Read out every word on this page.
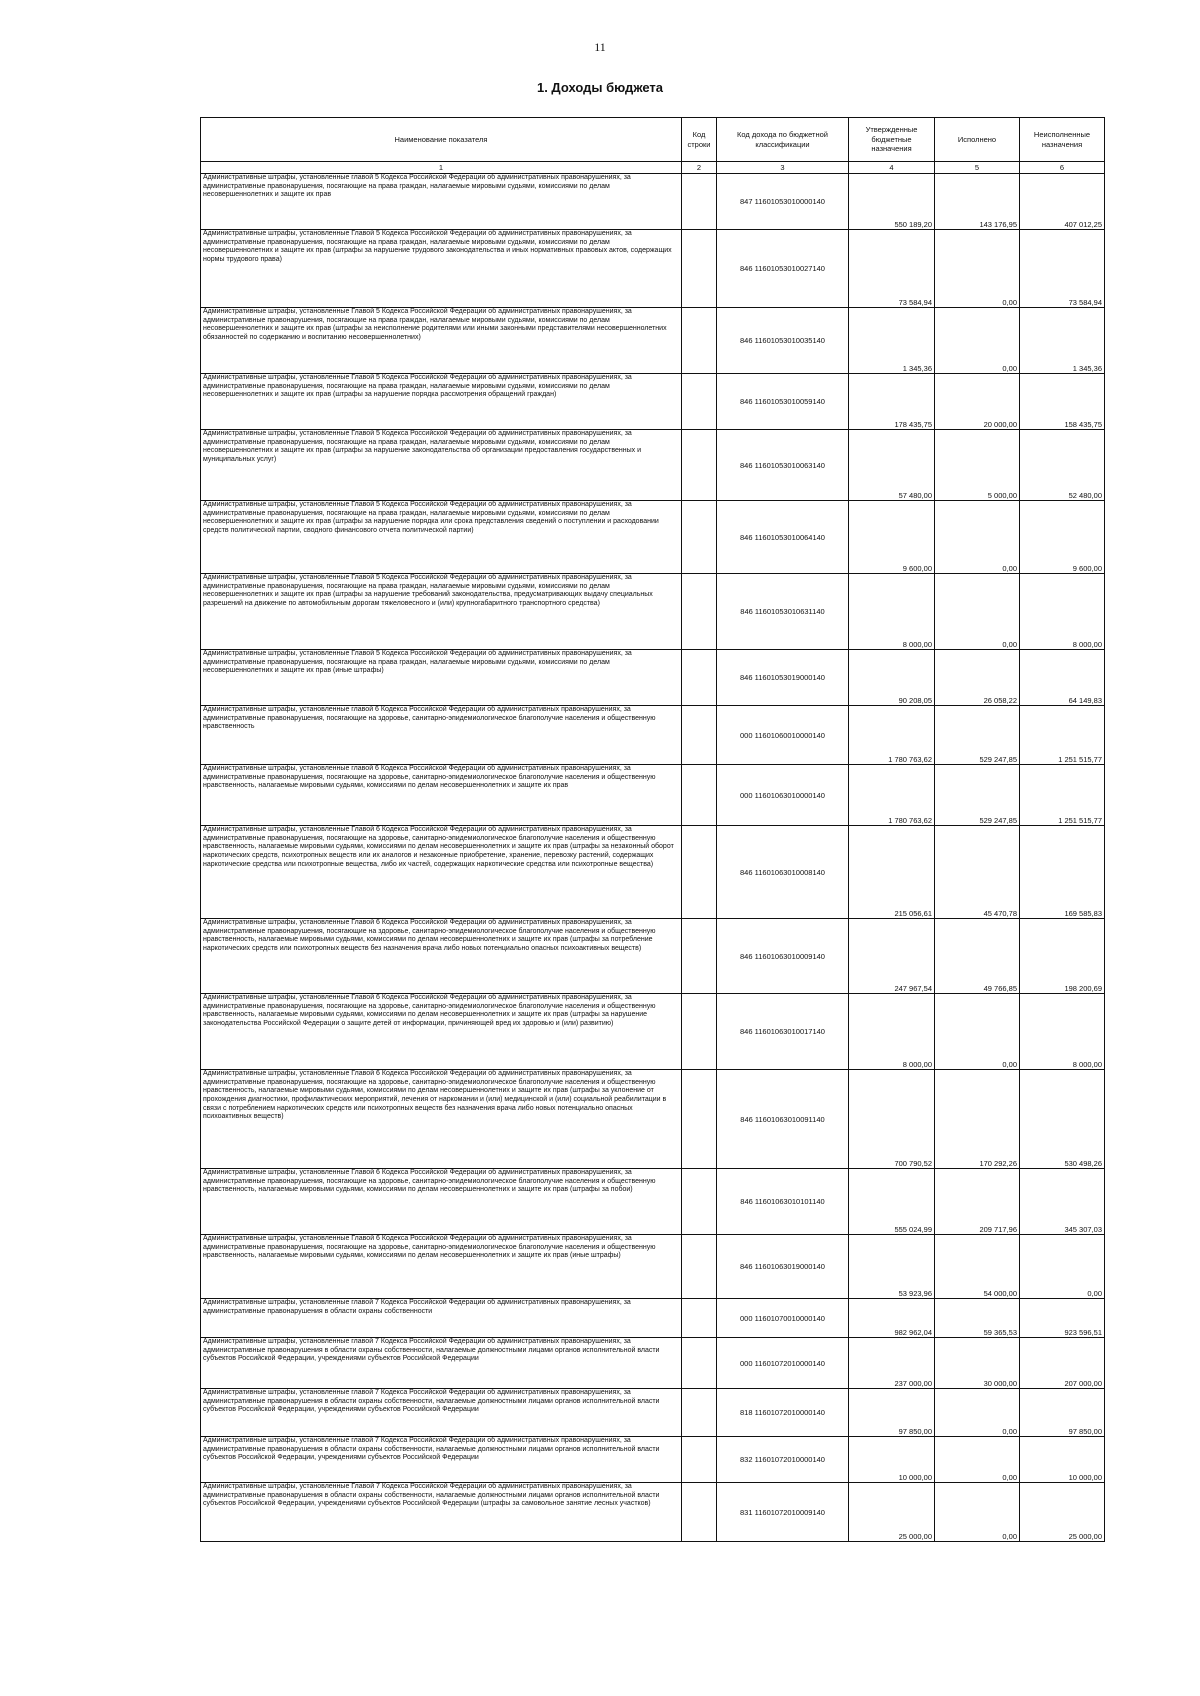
11
1. Доходы бюджета
Наименование показателя	Код строки	Код дохода по бюджетной классификации	Утвержденные бюджетные назначения	Исполнено	Неисполненные назначения
1	2	3	4	5	6
Административные штрафы, установленные главой 5 Кодекса Российской Федерации об административных правонарушениях, за административные правонарушения, посягающие на права граждан, налагаемые мировыми судьями, комиссиями по делам несовершеннолетних и защите их прав		847 11601053010000140	550 189,20	143 176,95	407 012,25
Административные штрафы, установленные Главой 5 Кодекса Российской Федерации об административных правонарушениях, за административные правонарушения, посягающие на права граждан, налагаемые мировыми судьями, комиссиями по делам несовершеннолетних и защите их прав (штрафы за нарушение трудового законодательства и иных нормативных правовых актов, содержащих нормы трудового права)		846 11601053010027140	73 584,94	0,00	73 584,94
Административные штрафы, установленные Главой 5 Кодекса Российской Федерации об административных правонарушениях, за административные правонарушения, посягающие на права граждан, налагаемые мировыми судьями, комиссиями по делам несовершеннолетних и защите их прав (штрафы за неисполнение родителями или иными законными представителями несовершеннолетних обязанностей по содержанию и воспитанию несовершеннолетних)		846 11601053010035140	1 345,36	0,00	1 345,36
Административные штрафы, установленные Главой 5 Кодекса Российской Федерации об административных правонарушениях, за административные правонарушения, посягающие на права граждан, налагаемые мировыми судьями, комиссиями по делам несовершеннолетних и защите их прав (штрафы за нарушение порядка рассмотрения обращений граждан)		846 11601053010059140	178 435,75	20 000,00	158 435,75
Административные штрафы, установленные Главой 5 Кодекса Российской Федерации об административных правонарушениях, за административные правонарушения, посягающие на права граждан, налагаемые мировыми судьями, комиссиями по делам несовершеннолетних и защите их прав (штрафы за нарушение законодательства об организации предоставления государственных и муниципальных услуг)		846 11601053010063140	57 480,00	5 000,00	52 480,00
Административные штрафы, установленные Главой 5 Кодекса Российской Федерации об административных правонарушениях, за административные правонарушения, посягающие на права граждан, налагаемые мировыми судьями, комиссиями по делам несовершеннолетних и защите их прав (штрафы за нарушение порядка или срока представления сведений о поступлении и расходовании средств политической партии, сводного финансового отчета политической партии)		846 11601053010064140	9 600,00	0,00	9 600,00
Административные штрафы, установленные Главой 5 Кодекса Российской Федерации об административных правонарушениях, за административные правонарушения, посягающие на права граждан, налагаемые мировыми судьями, комиссиями по делам несовершеннолетних и защите их прав (штрафы за нарушение требований законодательства, предусматривающих выдачу специальных разрешений на движение по автомобильным дорогам тяжеловесного и (или) крупногабаритного транспортного средства)		846 11601053010631140	8 000,00	0,00	8 000,00
Административные штрафы, установленные Главой 5 Кодекса Российской Федерации об административных правонарушениях, за административные правонарушения, посягающие на права граждан, налагаемые мировыми судьями, комиссиями по делам несовершеннолетних и защите их прав (иные штрафы)		846 11601053019000140	90 208,05	26 058,22	64 149,83
Административные штрафы, установленные главой 6 Кодекса Российской Федерации об административных правонарушениях, за административные правонарушения, посягающие на здоровье, санитарно-эпидемиологическое благополучие населения и общественную нравственность		000 11601060010000140	1 780 763,62	529 247,85	1 251 515,77
Административные штрафы, установленные главой 6 Кодекса Российской Федерации об административных правонарушениях, за административные правонарушения, посягающие на здоровье, санитарно-эпидемиологическое благополучие населения и общественную нравственность, налагаемые мировыми судьями, комиссиями по делам несовершеннолетних и защите их прав		000 11601063010000140	1 780 763,62	529 247,85	1 251 515,77
Административные штрафы, установленные Главой 6 Кодекса Российской Федерации об административных правонарушениях, за административные правонарушения, посягающие на здоровье, санитарно-эпидемиологическое благополучие населения и общественную нравственность, налагаемые мировыми судьями, комиссиями по делам несовершеннолетних и защите их прав (штрафы за незаконный оборот наркотических средств, психотропных веществ или их аналогов и незаконные приобретение, хранение, перевозку растений, содержащих наркотические средства или психотропные вещества, либо их частей, содержащих наркотические средства или психотропные вещества)		846 11601063010008140	215 056,61	45 470,78	169 585,83
Административные штрафы, установленные Главой 6 Кодекса Российской Федерации об административных правонарушениях, за административные правонарушения, посягающие на здоровье, санитарно-эпидемиологическое благополучие населения и общественную нравственность, налагаемые мировыми судьями, комиссиями по делам несовершеннолетних и защите их прав (штрафы за потребление наркотических средств или психотропных веществ без назначения врача либо новых потенциально опасных психоактивных веществ)		846 11601063010009140	247 967,54	49 766,85	198 200,69
Административные штрафы, установленные Главой 6 Кодекса Российской Федерации об административных правонарушениях, за административные правонарушения, посягающие на здоровье, санитарно-эпидемиологическое благополучие населения и общественную нравственность, налагаемые мировыми судьями, комиссиями по делам несовершеннолетних и защите их прав (штрафы за нарушение законодательства Российской Федерации о защите детей от информации, причиняющей вред их здоровью и (или) развитию)		846 11601063010017140	8 000,00	0,00	8 000,00
Административные штрафы, установленные Главой 6 Кодекса Российской Федерации об административных правонарушениях, за административные правонарушения, посягающие на здоровье, санитарно-эпидемиологическое благополучие населения и общественную нравственность, налагаемые мировыми судьями, комиссиями по делам несовершеннолетних и защите их прав (штрафы за уклонение от прохождения диагностики, профилактических мероприятий, лечения от наркомании и (или) медицинской и (или) социальной реабилитации в связи с потреблением наркотических средств или психотропных веществ без назначения врача либо новых потенциально опасных психоактивных веществ)		846 11601063010091140	700 790,52	170 292,26	530 498,26
Административные штрафы, установленные Главой 6 Кодекса Российской Федерации об административных правонарушениях, за административные правонарушения, посягающие на здоровье, санитарно-эпидемиологическое благополучие населения и общественную нравственность, налагаемые мировыми судьями, комиссиями по делам несовершеннолетних и защите их прав (штрафы за побои)		846 11601063010101140	555 024,99	209 717,96	345 307,03
Административные штрафы, установленные Главой 6 Кодекса Российской Федерации об административных правонарушениях, за административные правонарушения, посягающие на здоровье, санитарно-эпидемиологическое благополучие населения и общественную нравственность, налагаемые мировыми судьями, комиссиями по делам несовершеннолетних и защите их прав (иные штрафы)		846 11601063019000140	53 923,96	54 000,00	0,00
Административные штрафы, установленные главой 7 Кодекса Российской Федерации об административных правонарушениях, за административные правонарушения в области охраны собственности		000 11601070010000140	982 962,04	59 365,53	923 596,51
Административные штрафы, установленные главой 7 Кодекса Российской Федерации об административных правонарушениях, за административные правонарушения в области охраны собственности, налагаемые должностными лицами органов исполнительной власти субъектов Российской Федерации, учреждениями субъектов Российской Федерации		000 11601072010000140	237 000,00	30 000,00	207 000,00
Административные штрафы, установленные главой 7 Кодекса Российской Федерации об административных правонарушениях, за административные правонарушения в области охраны собственности, налагаемые должностными лицами органов исполнительной власти субъектов Российской Федерации, учреждениями субъектов Российской Федерации		818 11601072010000140	97 850,00	0,00	97 850,00
Административные штрафы, установленные главой 7 Кодекса Российской Федерации об административных правонарушениях, за административные правонарушения в области охраны собственности, налагаемые должностными лицами органов исполнительной власти субъектов Российской Федерации, учреждениями субъектов Российской Федерации		832 11601072010000140	10 000,00	0,00	10 000,00
Административные штрафы, установленные Главой 7 Кодекса Российской Федерации об административных правонарушениях, за административные правонарушения в области охраны собственности, налагаемые должностными лицами органов исполнительной власти субъектов Российской Федерации, учреждениями субъектов Российской Федерации (штрафы за самовольное занятие лесных участков)		831 11601072010009140	25 000,00	0,00	25 000,00
